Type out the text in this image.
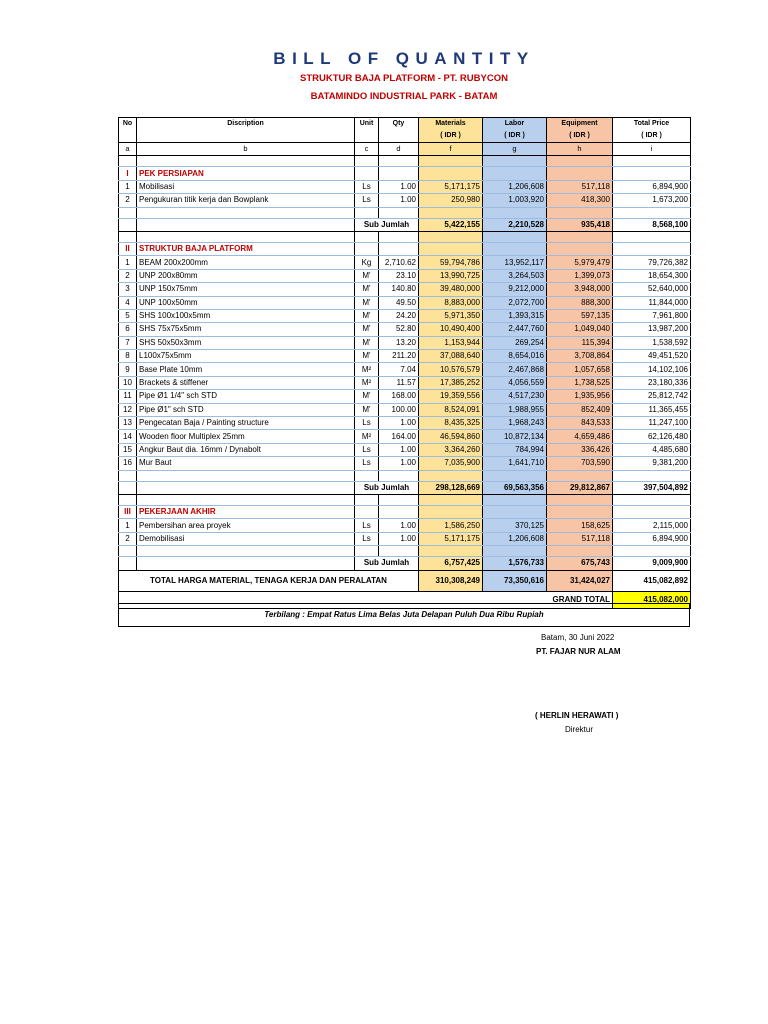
BILL OF QUANTITY
STRUKTUR BAJA PLATFORM - PT. RUBYCON
BATAMINDO INDUSTRIAL PARK - BATAM
No	Discription	Unit	Qty	Materials	Labor	Equipment	Total Price
				( IDR )	( IDR )	( IDR )	( IDR )
a	b	c	d	f	g	h	i

I	PEK PERSIAPAN						
1	Mobilisasi	Ls	1.00	5,171,175	1,206,608	517,118	6,894,900
2	Pengukuran titik kerja dan Bowplank	Ls	1.00	250,980	1,003,920	418,300	1,673,200

		Sub Jumlah		5,422,155	2,210,528	935,418	8,568,100

II	STRUKTUR BAJA PLATFORM						
1	BEAM 200x200mm	Kg	2,710.62	59,794,786	13,952,117	5,979,479	79,726,382
2	UNP 200x80mm	M'	23.10	13,990,725	3,264,503	1,399,073	18,654,300
3	UNP 150x75mm	M'	140.80	39,480,000	9,212,000	3,948,000	52,640,000
4	UNP 100x50mm	M'	49.50	8,883,000	2,072,700	888,300	11,844,000
5	SHS 100x100x5mm	M'	24.20	5,971,350	1,393,315	597,135	7,961,800
6	SHS 75x75x5mm	M'	52.80	10,490,400	2,447,760	1,049,040	13,987,200
7	SHS 50x50x3mm	M'	13.20	1,153,944	269,254	115,394	1,538,592
8	L100x75x5mm	M'	211.20	37,088,640	8,654,016	3,708,864	49,451,520
9	Base Plate 10mm	M²	7.04	10,576,579	2,467,868	1,057,658	14,102,106
10	Brackets & stiffener	M²	11.57	17,385,252	4,056,559	1,738,525	23,180,336
11	Pipe Ø1 1/4" sch STD	M'	168.00	19,359,556	4,517,230	1,935,956	25,812,742
12	Pipe Ø1" sch STD	M'	100.00	8,524,091	1,988,955	852,409	11,365,455
13	Pengecatan Baja / Painting structure	Ls	1.00	8,435,325	1,968,243	843,533	11,247,100
14	Wooden floor Multiplex 25mm	M²	164.00	46,594,860	10,872,134	4,659,486	62,126,480
15	Angkur Baut dia. 16mm / Dynabolt	Ls	1.00	3,364,260	784,994	336,426	4,485,680
16	Mur Baut	Ls	1.00	7,035,900	1,641,710	703,590	9,381,200

		Sub Jumlah		298,128,669	69,563,356	29,812,867	397,504,892

III	PEKERJAAN AKHIR						
1	Pembersihan area proyek	Ls	1.00	1,586,250	370,125	158,625	2,115,000
2	Demobilisasi	Ls	1.00	5,171,175	1,206,608	517,118	6,894,900

		Sub Jumlah		6,757,425	1,576,733	675,743	9,009,900
TOTAL HARGA MATERIAL, TENAGA KERJA DAN PERALATAN				310,308,249	73,350,616	31,424,027	415,082,892
						GRAND TOTAL	415,082,000
Terbilang : Empat Ratus Lima Belas Juta Delapan Puluh Dua Ribu Rupiah
Batam, 30 Juni 2022
PT. FAJAR NUR ALAM
( HERLIN HERAWATI )
Direktur
